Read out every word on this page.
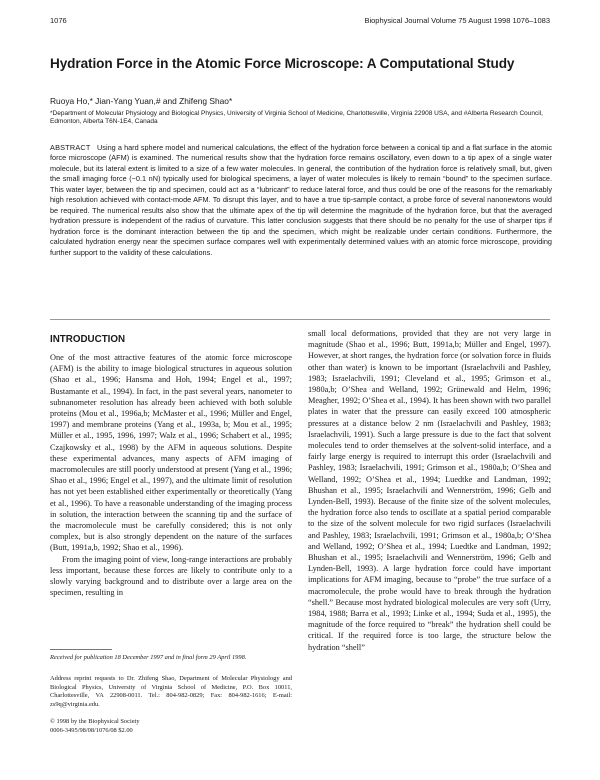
1076	Biophysical Journal Volume 75 August 1998 1076–1083
Hydration Force in the Atomic Force Microscope: A Computational Study
Ruoya Ho,* Jian-Yang Yuan,# and Zhifeng Shao*
*Department of Molecular Physiology and Biological Physics, University of Virginia School of Medicine, Charlottesville, Virginia 22908 USA, and #Alberta Research Council, Edmonton, Alberta T6N-1E4, Canada
ABSTRACT Using a hard sphere model and numerical calculations, the effect of the hydration force between a conical tip and a flat surface in the atomic force microscope (AFM) is examined. The numerical results show that the hydration force remains oscillatory, even down to a tip apex of a single water molecule, but its lateral extent is limited to a size of a few water molecules. In general, the contribution of the hydration force is relatively small, but, given the small imaging force (~0.1 nN) typically used for biological specimens, a layer of water molecules is likely to remain “bound” to the specimen surface. This water layer, between the tip and specimen, could act as a “lubricant” to reduce lateral force, and thus could be one of the reasons for the remarkably high resolution achieved with contact-mode AFM. To disrupt this layer, and to have a true tip-sample contact, a probe force of several nanonewtons would be required. The numerical results also show that the ultimate apex of the tip will determine the magnitude of the hydration force, but that the averaged hydration pressure is independent of the radius of curvature. This latter conclusion suggests that there should be no penalty for the use of sharper tips if hydration force is the dominant interaction between the tip and the specimen, which might be realizable under certain conditions. Furthermore, the calculated hydration energy near the specimen surface compares well with experimentally determined values with an atomic force microscope, providing further support to the validity of these calculations.
INTRODUCTION
One of the most attractive features of the atomic force microscope (AFM) is the ability to image biological structures in aqueous solution (Shao et al., 1996; Hansma and Hoh, 1994; Engel et al., 1997; Bustamante et al., 1994). In fact, in the past several years, nanometer to subnanometer resolution has already been achieved with both soluble proteins (Mou et al., 1996a,b; McMaster et al., 1996; Müller and Engel, 1997) and membrane proteins (Yang et al., 1993a, b; Mou et al., 1995; Müller et al., 1995, 1996, 1997; Walz et al., 1996; Schabert et al., 1995; Czajkowsky et al., 1998) by the AFM in aqueous solutions. Despite these experimental advances, many aspects of AFM imaging of macromolecules are still poorly understood at present (Yang et al., 1996; Shao et al., 1996; Engel et al., 1997), and the ultimate limit of resolution has not yet been established either experimentally or theoretically (Yang et al., 1996). To have a reasonable understanding of the imaging process in solution, the interaction between the scanning tip and the surface of the macromolecule must be carefully considered; this is not only complex, but is also strongly dependent on the nature of the surfaces (Butt, 1991a,b, 1992; Shao et al., 1996).
From the imaging point of view, long-range interactions are probably less important, because these forces are likely to contribute only to a slowly varying background and to distribute over a large area on the specimen, resulting in
small local deformations, provided that they are not very large in magnitude (Shao et al., 1996; Butt, 1991a,b; Müller and Engel, 1997). However, at short ranges, the hydration force (or solvation force in fluids other than water) is known to be important (Israelachvili and Pashley, 1983; Israelachvili, 1991; Cleveland et al., 1995; Grimson et al., 1980a,b; O’Shea and Welland, 1992; Grünewald and Helm, 1996; Meagher, 1992; O’Shea et al., 1994). It has been shown with two parallel plates in water that the pressure can easily exceed 100 atmospheric pressures at a distance below 2 nm (Israelachvili and Pashley, 1983; Israelachvili, 1991). Such a large pressure is due to the fact that solvent molecules tend to order themselves at the solvent-solid interface, and a fairly large energy is required to interrupt this order (Israelachvili and Pashley, 1983; Israelachvili, 1991; Grimson et al., 1980a,b; O’Shea and Welland, 1992; O’Shea et al., 1994; Luedtke and Landman, 1992; Bhushan et al., 1995; Israelachvili and Wennerström, 1996; Gelb and Lynden-Bell, 1993). Because of the finite size of the solvent molecules, the hydration force also tends to oscillate at a spatial period comparable to the size of the solvent molecule for two rigid surfaces (Israelachvili and Pashley, 1983; Israelachvili, 1991; Grimson et al., 1980a,b; O’Shea and Welland, 1992; O’Shea et al., 1994; Luedtke and Landman, 1992; Bhushan et al., 1995; Israelachvili and Wennerström, 1996; Gelb and Lynden-Bell, 1993). A large hydration force could have important implications for AFM imaging, because to “probe” the true surface of a macromolecule, the probe would have to break through the hydration “shell.” Because most hydrated biological molecules are very soft (Urry, 1984, 1988; Barra et al., 1993; Linke et al., 1994; Suda et al., 1995), the magnitude of the force required to “break” the hydration shell could be critical. If the required force is too large, the structure below the hydration “shell”
Received for publication 18 December 1997 and in final form 29 April 1998.
Address reprint requests to Dr. Zhifeng Shao, Department of Molecular Physiology and Biological Physics, University of Virginia School of Medicine, P.O. Box 10011, Charlottesville, VA 22908-0011. Tel.: 804-982-0829; Fax: 804-982-1616; E-mail: zs9q@virginia.edu.
© 1998 by the Biophysical Society
0006-3495/98/08/1076/08 $2.00
